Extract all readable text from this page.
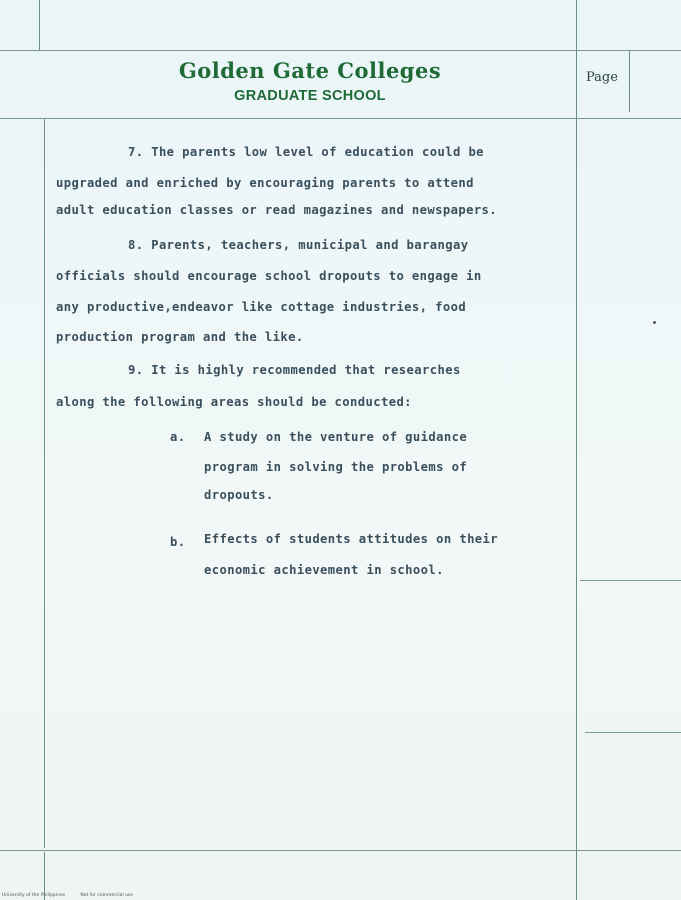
Golden Gate Colleges
GRADUATE SCHOOL
Page
7. The parents low level of education could be
upgraded and enriched by encouraging parents to attend
adult education classes or read magazines and newspapers.
8. Parents, teachers, municipal and barangay
officials should encourage school dropouts to engage in
any productive,endeavor like cottage industries, food
production program and the like.
9. It is highly recommended that researches
along the following areas should be conducted:
a. A study on the venture of guidance
program in solving the problems of
dropouts.
b. Effects of students attitudes on their
economic achievement in school.
University of the Philippines	Not for commercial use
